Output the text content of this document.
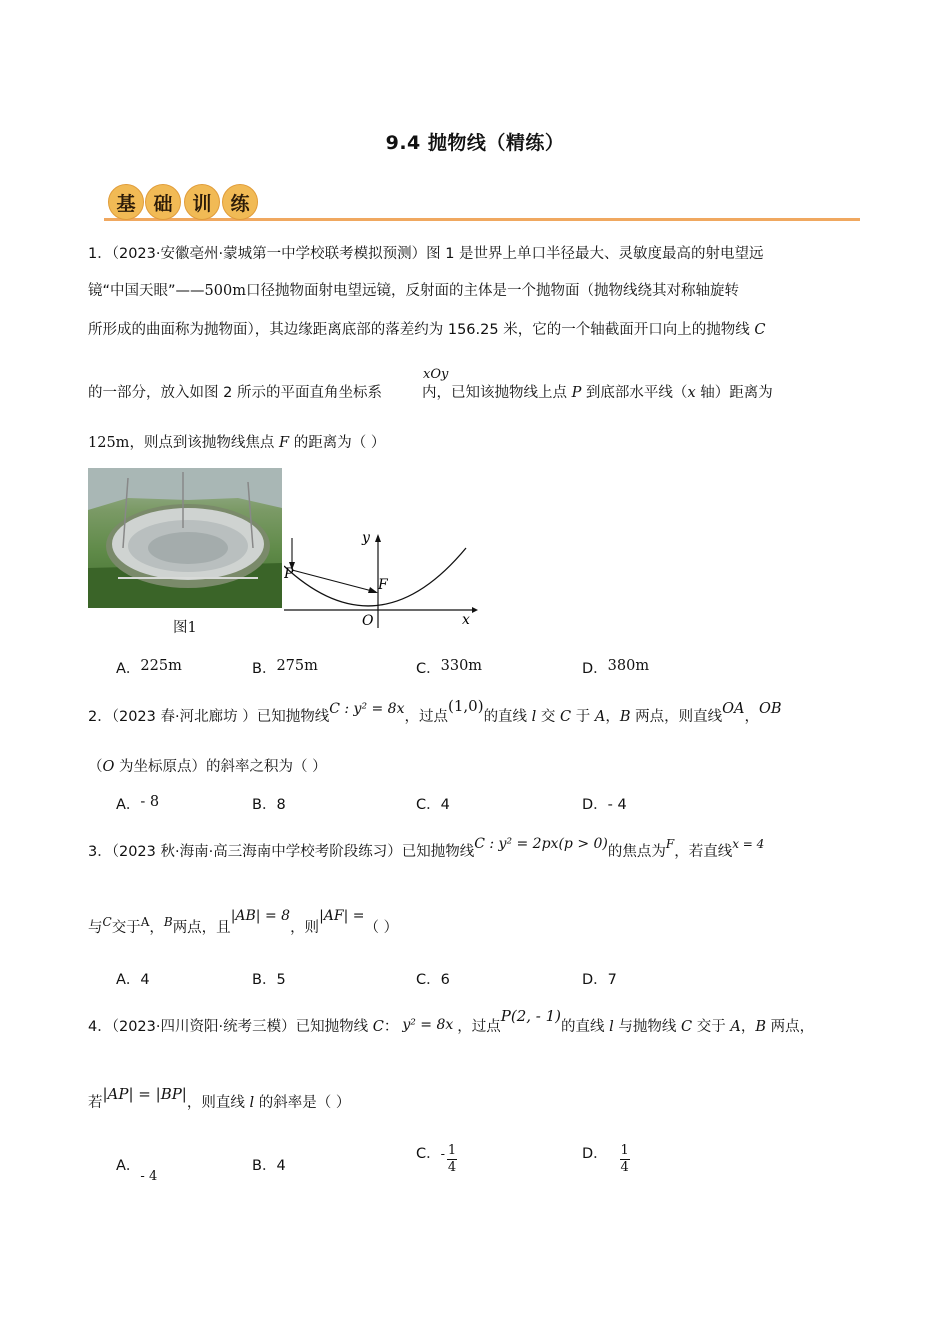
9.4 抛物线（精练）
基 础	训 练
1．（2023·安徽亳州·蒙城第一中学校联考模拟预测）图 1 是世界上单口半径最大、灵敏度最高的射电望远
镜“中国天眼”——500m口径抛物面射电望远镜，反射面的主体是一个抛物面（抛物线绕其对称轴旋转
所形成的曲面称为抛物面），其边缘距离底部的落差约为 156.25 米，它的一个轴截面开口向上的抛物线 C
xOy
的一部分，放入如图 2 所示的平面直角坐标系	内，已知该抛物线上点 P 到底部水平线（x 轴）距离为
125m，则点到该抛物线焦点 F 的距离为（ ）
图1
y
x
O
P
F
A．225m	B．275m	C．330m	D．380m
2．（2023 春·河北廊坊 ）已知抛物线C : y² = 8x，过点(1,0)的直线 l 交 C 于 A，B 两点，则直线OA，OB
（O 为坐标原点）的斜率之积为（ ）
A．- 8	B．8	C．4	D．- 4
3．（2023 秋·海南·高三海南中学校考阶段练习）已知抛物线C : y² = 2px(p > 0)的焦点为$^F$，若直线$^{x = 4}$
与$^C$交于$^A$，$^B$两点，且|AB| = 8，则|AF| =（ ）
A．4	B．5	C．6	D．7
4．（2023·四川资阳·统考三模）已知抛物线 C： y² = 8x ，过点P(2, - 1)的直线 l 与抛物线 C 交于 A，B 两点，
若|AP| = |BP|，则直线 l 的斜率是（ ）
A．- 4
B．4
C．- $\frac{1}{4}$	D． $\frac{1}{4}$
